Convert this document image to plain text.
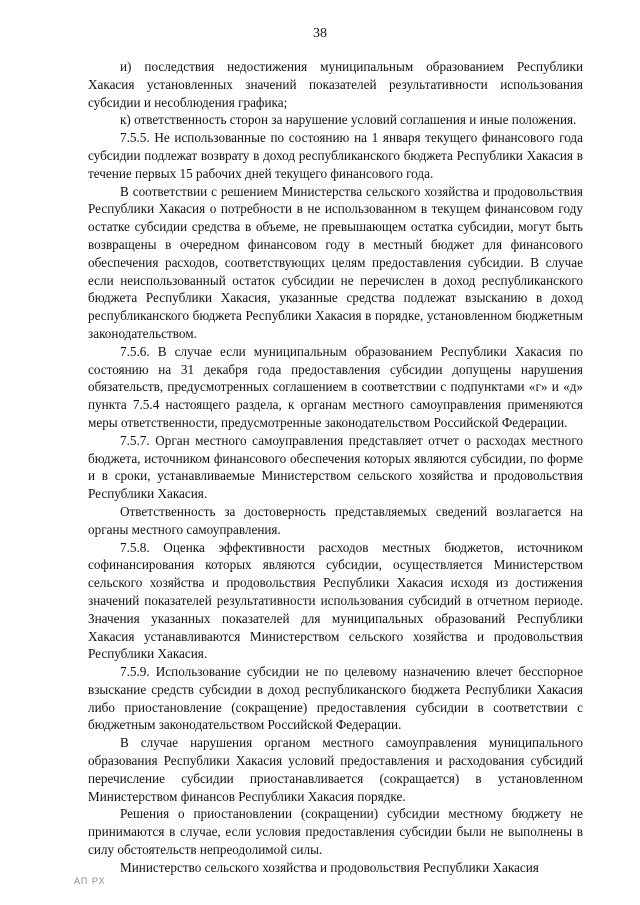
38

и) последствия недостижения муниципальным образованием Республики Хакасия установленных значений показателей результативности использования субсидии и несоблюдения графика;

к) ответственность сторон за нарушение условий соглашения и иные положения.

7.5.5. Не использованные по состоянию на 1 января текущего финансового года субсидии подлежат возврату в доход республиканского бюджета Республики Хакасия в течение первых 15 рабочих дней текущего финансового года.

В соответствии с решением Министерства сельского хозяйства и продовольствия Республики Хакасия о потребности в не использованном в текущем финансовом году остатке субсидии средства в объеме, не превышающем остатка субсидии, могут быть возвращены в очередном финансовом году в местный бюджет для финансового обеспечения расходов, соответствующих целям предоставления субсидии. В случае если неиспользованный остаток субсидии не перечислен в доход республиканского бюджета Республики Хакасия, указанные средства подлежат взысканию в доход республиканского бюджета Республики Хакасия в порядке, установленном бюджетным законодательством.

7.5.6. В случае если муниципальным образованием Республики Хакасия по состоянию на 31 декабря года предоставления субсидии допущены нарушения обязательств, предусмотренных соглашением в соответствии с подпунктами «г» и «д» пункта 7.5.4 настоящего раздела, к органам местного самоуправления применяются меры ответственности, предусмотренные законодательством Российской Федерации.

7.5.7. Орган местного самоуправления представляет отчет о расходах местного бюджета, источником финансового обеспечения которых являются субсидии, по форме и в сроки, устанавливаемые Министерством сельского хозяйства и продовольствия Республики Хакасия.

Ответственность за достоверность представляемых сведений возлагается на органы местного самоуправления.

7.5.8. Оценка эффективности расходов местных бюджетов, источником софинансирования которых являются субсидии, осуществляется Министерством сельского хозяйства и продовольствия Республики Хакасия исходя из достижения значений показателей результативности использования субсидий в отчетном периоде. Значения указанных показателей для муниципальных образований Республики Хакасия устанавливаются Министерством сельского хозяйства и продовольствия Республики Хакасия.

7.5.9. Использование субсидии не по целевому назначению влечет бесспорное взыскание средств субсидии в доход республиканского бюджета Республики Хакасия либо приостановление (сокращение) предоставления субсидии в соответствии с бюджетным законодательством Российской Федерации.

В случае нарушения органом местного самоуправления муниципального образования Республики Хакасия условий предоставления и расходования субсидий перечисление субсидии приостанавливается (сокращается) в установленном Министерством финансов Республики Хакасия порядке.

Решения о приостановлении (сокращении) субсидии местному бюджету не принимаются в случае, если условия предоставления субсидии были не выполнены в силу обстоятельств непреодолимой силы.

Министерство сельского хозяйства и продовольствия Республики Хакасия

АП РХ
